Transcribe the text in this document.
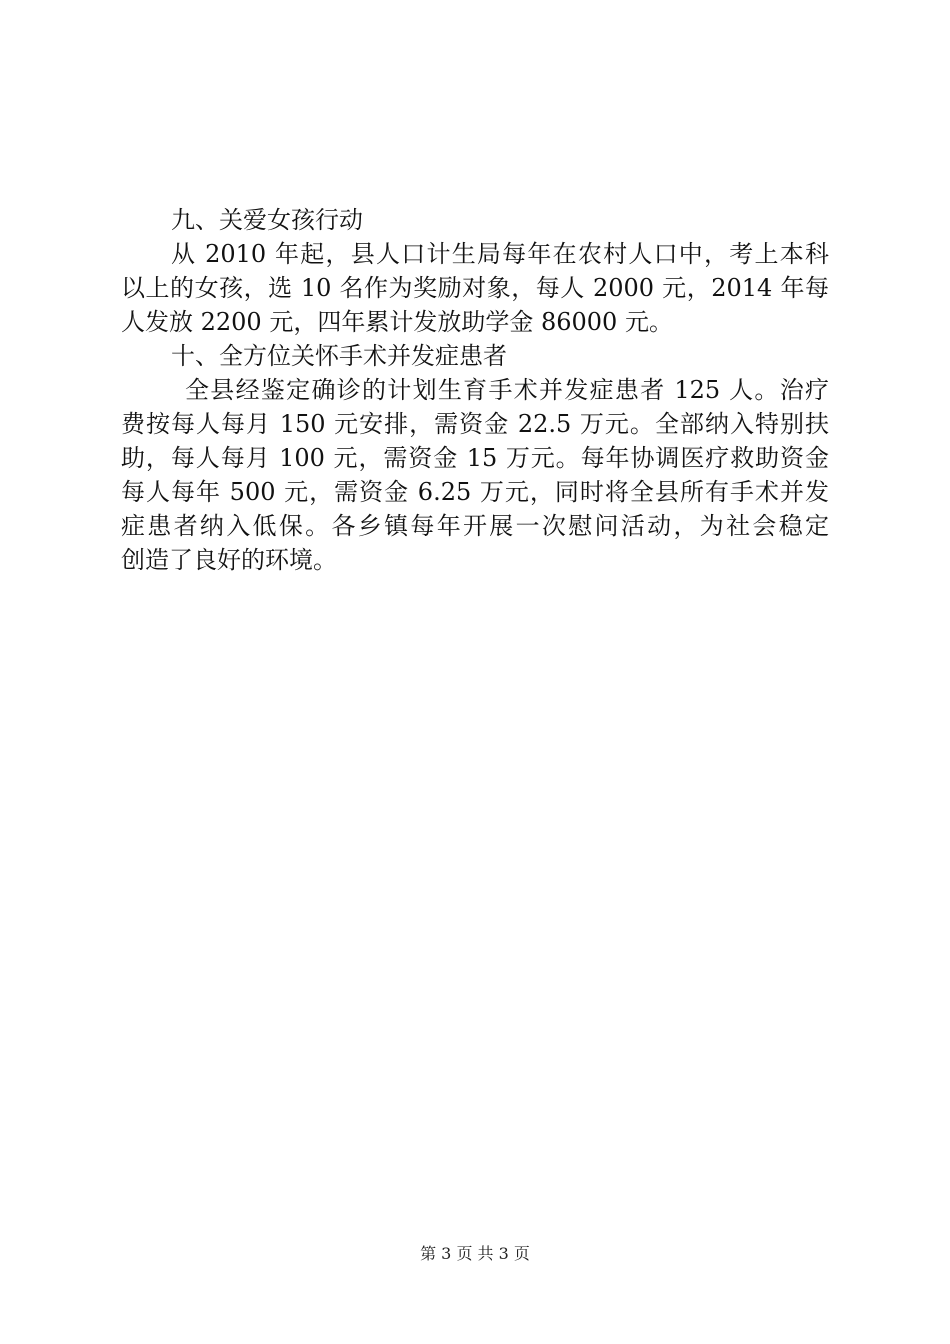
九、关爱女孩行动
从 2010 年起，县人口计生局每年在农村人口中，考上本科
以上的女孩，选 10 名作为奖励对象，每人 2000 元，2014 年每
人发放 2200 元，四年累计发放助学金 86000 元。
十、全方位关怀手术并发症患者
全县经鉴定确诊的计划生育手术并发症患者 125 人。治疗
费按每人每月 150 元安排，需资金 22.5 万元。全部纳入特别扶
助，每人每月 100 元，需资金 15 万元。每年协调医疗救助资金
每人每年 500 元，需资金 6.25 万元，同时将全县所有手术并发
症患者纳入低保。各乡镇每年开展一次慰问活动，为社会稳定
创造了良好的环境。
第 3 页 共 3 页
